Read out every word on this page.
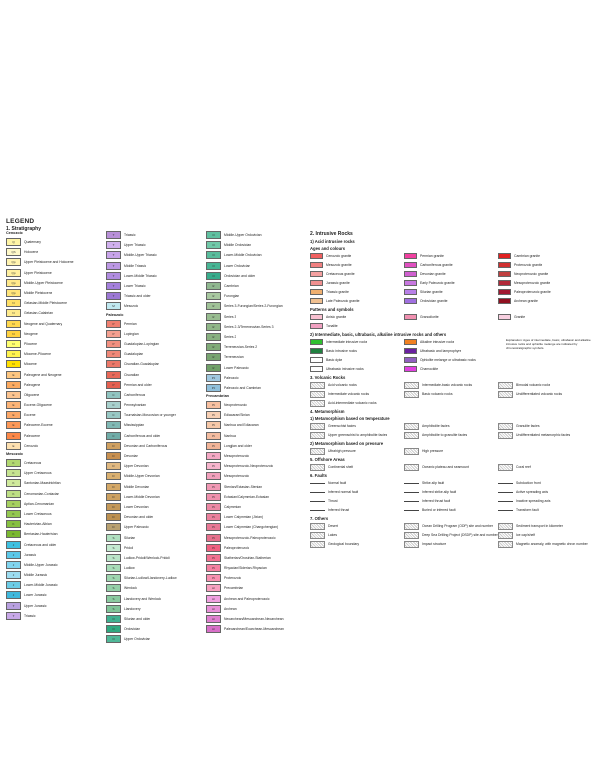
LEGEND
1. Stratigraphy
Cenozoic
Q	Quaternary
Qh	Holocene
Qp	Upper Pleistocene and Holocene
Qp	Upper Pleistocene
Qp	Middle-Upper Pleistocene
Qp	Middle Pleistocene
N	Gelasian-Middle Pleistocene
N	Gelasian-Calabrian
N	Neogene and Quaternary
N	Neogene
N	Pliocene
N	Miocene-Pliocene
N	Miocene
E	Paleogene and Neogene
E	Paleogene
E	Oligocene
E	Eocene-Oligocene
E	Eocene
E	Paleocene-Eocene
E	Paleocene
E	Cenozoic
Mesozoic
K	Cretaceous
K	Upper Cretaceous
K	Santonian-Maastrichtian
K	Cenomanian-Coniacian
K	Aptian-Cenomanian
K	Lower Cretaceous
K	Hauterivian-Albian
K	Berriasian-Hauterivian
J	Cretaceous and older
J	Jurassic
J	Middle-Upper Jurassic
J	Middle Jurassic
J	Lower-Middle Jurassic
J	Lower Jurassic
T	Upper Jurassic
T	Triassic
T	Triassic
T	Upper Triassic
T	Middle-Upper Triassic
T	Middle Triassic
T	Lower-Middle Triassic
T	Lower Triassic
T	Triassic and older
M	Mesozoic
Paleozoic
P	Permian
P	Lopingian
P	Guadalupian-Lopingian
P	Guadalupian
P	Cisuralian-Guadalupian
P	Cisuralian
P	Permian and older
C	Carboniferous
C	Pennsylvanian
C	Tournaisian-Moscovian or younger
C	Mississippian
C	Carboniferous and older
D	Devonian and Carboniferous
D	Devonian
D	Upper Devonian
D	Middle-Upper Devonian
D	Middle Devonian
D	Lower-Middle Devonian
D	Lower Devonian
D	Devonian and older
D	Upper Paleozoic
S	Silurian
S	Pridoli
S	Ludlow-Pridoli/Wenlock-Pridoli
S	Ludlow
S	Silurian-Ludlow/Llandovery-Ludlow
S	Wenlock
S	Llandovery and Wenlock
S	Llandovery
O	Silurian and older
O	Ordovician
O	Upper Ordovician
O	Middle-Upper Ordovician
O	Middle Ordovician
O	Lower-Middle Ordovician
O	Lower Ordovician
O	Ordovician and older
Є	Cambrian
Є	Furongian
Є	Series 3-Furongian/Series 2-Furongian
Є	Series 3
Є	Series 2-3/Terreneuvian-Series 3
Є	Series 2
Є	Terreneuvian-Series 2
Є	Terreneuvian
Є	Lower Paleozoic
Pz	Paleozoic
Pz	Paleozoic and Cambrian
Precambrian
Pt	Neoproterozoic
Pt	Ediacaran/Sinian
Pt	Nanhua and Ediacaran
Pt	Nanhua
Pt	Longjian and older
Pt	Mesoproterozoic
Pt	Mesoproterozoic-Neoproterozoic
Pt	Mesoproterozoic
Pt	Stenian/Ectasian-Stenian
Pt	Ectasian/Calymmian-Ectasian
Pt	Calymmian
Pt	Lower Calymmian (Jixian)
Pt	Lower Calymmian (Changchengian)
Pt	Mesoproterozoic-Paleoproterozoic
Pt	Paleoproterozoic
Pt	Statherian/Orosirian-Statherian
Pt	Rhyacian/Siderian-Rhyacian
Pt	Proterozoic
Ar	Precambrian
Ar	Archean and Paleoproterozoic
Ar	Archean
Ar	Neoarchean/Mesoarchean-Neoarchean
Ar	Paleoarchean/Eoarchean-Mesoarchean
2. Intrusive Rocks
1) Acid intrusive rocks
Ages and colours
Cenozoic granite	Permian granite	Cambrian granite
Mesozoic granite	Carboniferous granite	Proterozoic granite
Cretaceous granite	Devonian granite	Neoproterozoic granite
Jurassic granite	Early Paleozoic granite	Mesoproterozoic granite
Triassic granite	Silurian granite	Paleoproterozoic granite
Late Paleozoic granite	Ordovician granite	Archean granite
Patterns and symbols
Anisic granite	Granodiorite	Granite
Tonalite
2) Intermediate, basic, ultrabasic, alkaline intrusive rocks and others
Intermediate intrusive rocks	Alkaline intrusive rocks
Basic intrusive rocks	Ultrabasic and lamprophyre
Basic dyke	Ophiolite melange or ultrabasic rocks
Ultrabasic intrusive rocks	Charnockite
Explanation: Ages of intermediate, basic, ultrabasic and alkaline intrusive rocks and ophiolite melange are indicated by chronostratigraphic symbols.
3. Volcanic Rocks
Acid volcanic rocks	Intermediate-basic volcanic rocks	Bimodal volcanic rocks
Intermediate volcanic rocks	Basic volcanic rocks	Undifferentiated volcanic rocks
Acid-intermediate volcanic rocks
4. Metamorphism
1) Metamorphism based on temperature
Greenschist facies	Amphibolite facies	Granulite facies
Upper greenschist to amphibolite facies	Amphibolite to granulite facies	Undifferentiated metamorphic facies
2) Metamorphism based on pressure
Ultrahigh pressure	High pressure
5. Offshore Areas
Continental shelf	Oceanic plateau and seamount	Coral reef
6. Faults
Normal fault	Strike-slip fault	Subduction front
Inferred normal fault	Inferred strike-slip fault	Active spreading axis
Thrust	Inferred thrust fault	Inactive spreading axis
Inferred thrust	Buried or inferred fault	Transform fault
7. Others
Desert	Ocean Drilling Program (ODP) site and number	Sediment transport in kilometer
Lakes	Deep Sea Drilling Project (DSDP) site and number	Ice cap/shelf
Geological boundary	Impact structure	Magnetic anomaly, with magnetic chron number
